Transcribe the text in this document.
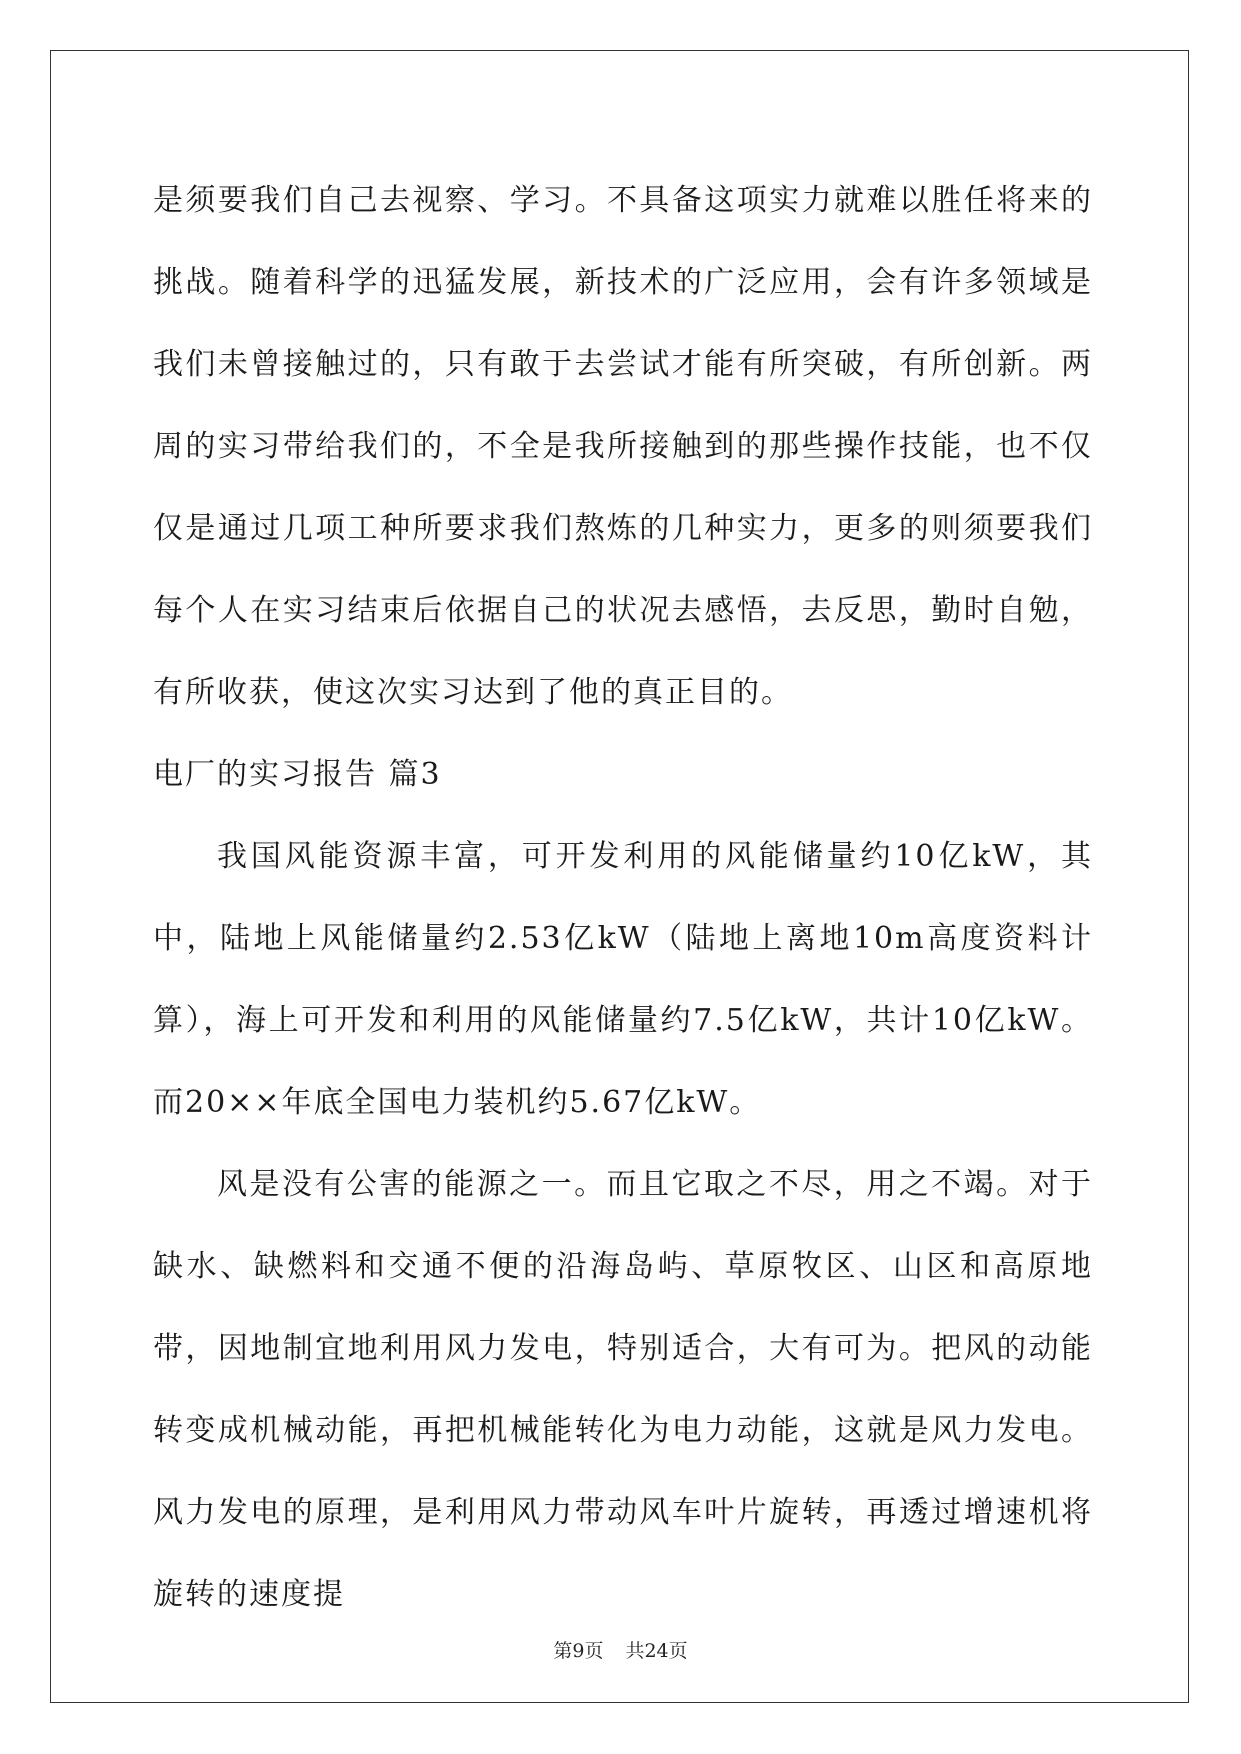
是须要我们自己去视察、学习。不具备这项实力就难以胜任将来的挑战。随着科学的迅猛发展，新技术的广泛应用，会有许多领域是我们未曾接触过的，只有敢于去尝试才能有所突破，有所创新。两周的实习带给我们的，不全是我所接触到的那些操作技能，也不仅仅是通过几项工种所要求我们熬炼的几种实力，更多的则须要我们每个人在实习结束后依据自己的状况去感悟，去反思，勤时自勉，有所收获，使这次实习达到了他的真正目的。

电厂的实习报告 篇3

我国风能资源丰富，可开发利用的风能储量约10亿kW，其中，陆地上风能储量约2.53亿kW（陆地上离地10m高度资料计算），海上可开发和利用的风能储量约7.5亿kW，共计10亿kW。而20××年底全国电力装机约5.67亿kW。

风是没有公害的能源之一。而且它取之不尽，用之不竭。对于缺水、缺燃料和交通不便的沿海岛屿、草原牧区、山区和高原地带，因地制宜地利用风力发电，特别适合，大有可为。把风的动能转变成机械动能，再把机械能转化为电力动能，这就是风力发电。风力发电的原理，是利用风力带动风车叶片旋转，再透过增速机将旋转的速度提

第9页 共24页
